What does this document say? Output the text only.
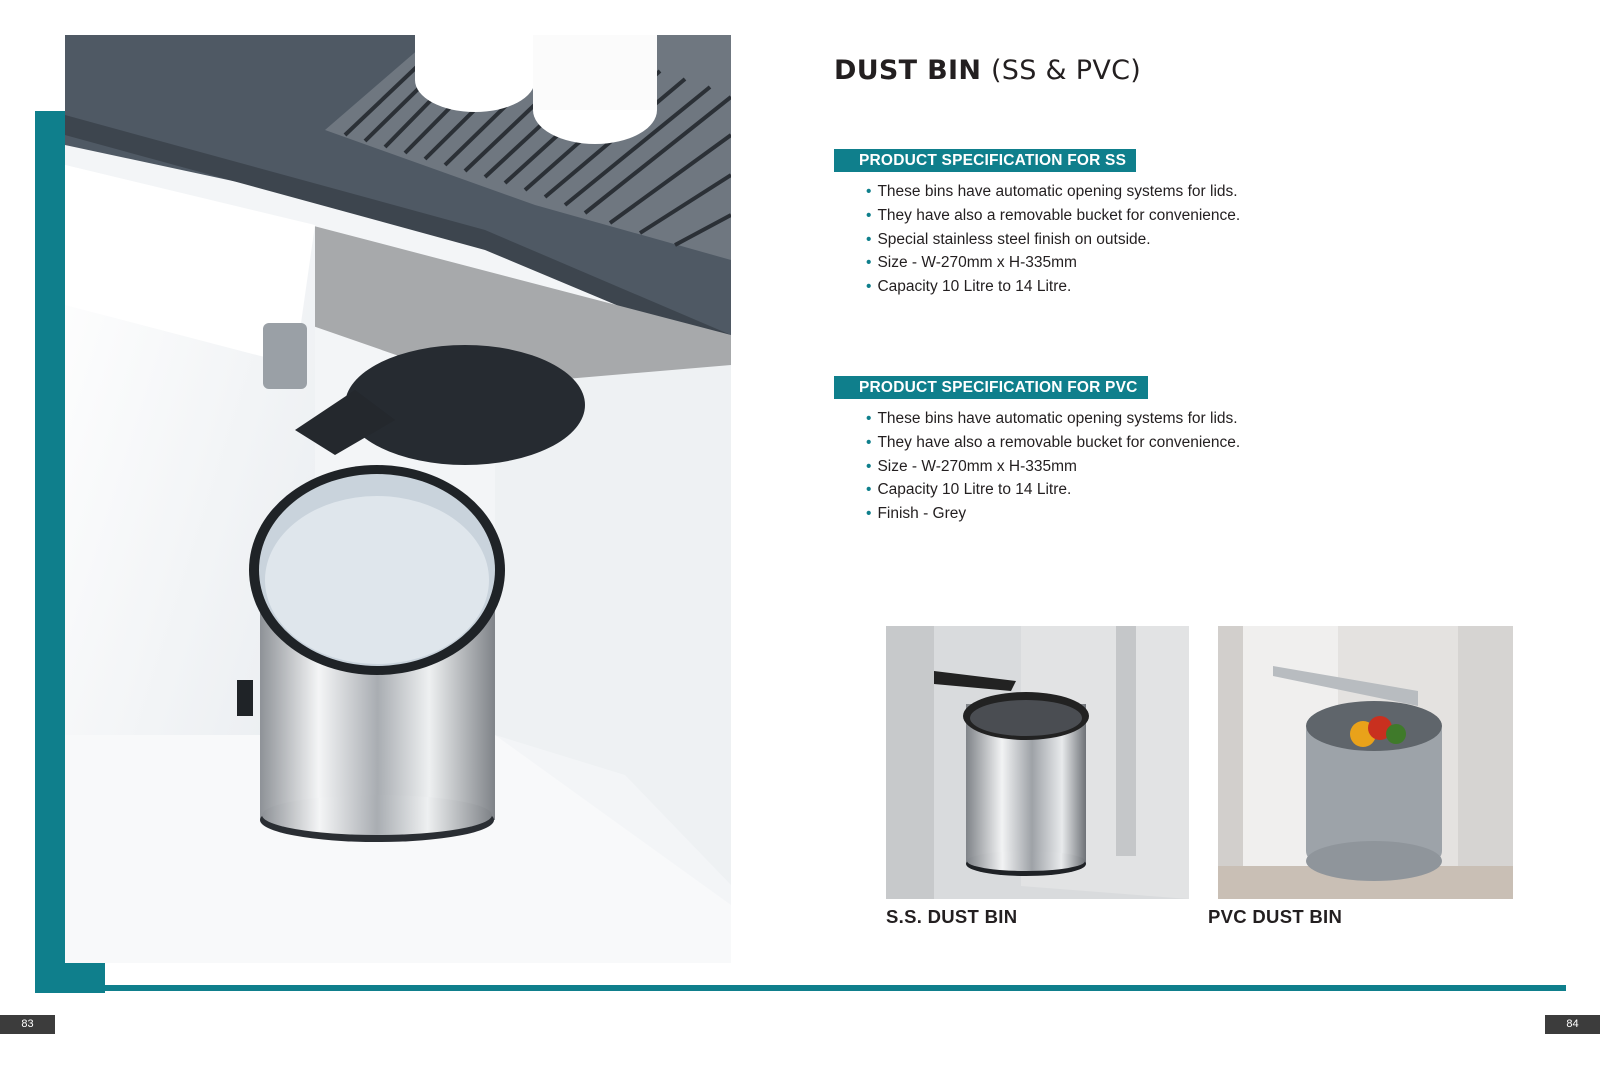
DUST BIN (SS & PVC)
PRODUCT SPECIFICATION FOR SS
• These bins have automatic opening systems for lids.
• They have also a removable bucket for convenience.
• Special stainless steel finish on outside.
• Size - W-270mm x H-335mm
• Capacity 10 Litre to 14 Litre.
PRODUCT SPECIFICATION FOR PVC
• These bins have automatic opening systems for lids.
• They have also a removable bucket for convenience.
• Size - W-270mm x H-335mm
• Capacity 10 Litre to 14 Litre.
• Finish - Grey
S.S. DUST BIN	PVC DUST BIN
83	84
